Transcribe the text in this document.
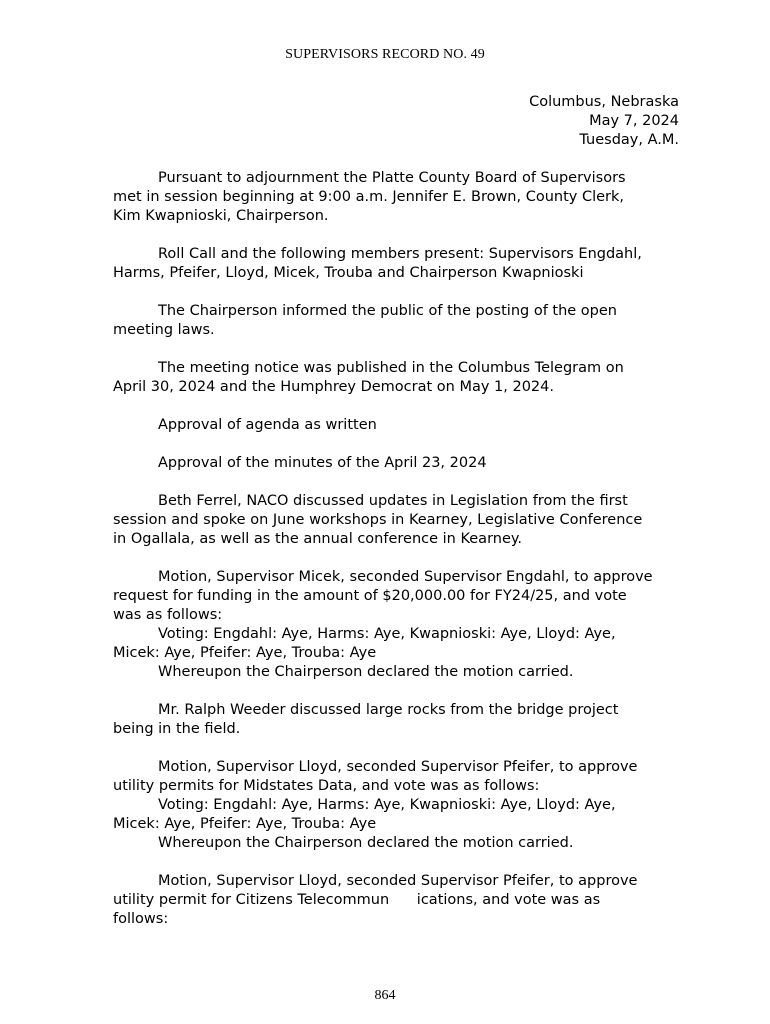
SUPERVISORS RECORD NO. 49
Columbus, Nebraska
May 7, 2024
Tuesday, A.M.
Pursuant to adjournment the Platte County Board of Supervisors
met in session beginning at 9:00 a.m. Jennifer E. Brown, County Clerk,
Kim Kwapnioski, Chairperson.
Roll Call and the following members present: Supervisors Engdahl,
Harms, Pfeifer, Lloyd, Micek, Trouba and Chairperson Kwapnioski
The Chairperson informed the public of the posting of the open
meeting laws.
The meeting notice was published in the Columbus Telegram on
April 30, 2024 and the Humphrey Democrat on May 1, 2024.
Approval of agenda as written
Approval of the minutes of the April 23, 2024
Beth Ferrel, NACO discussed updates in Legislation from the first
session and spoke on June workshops in Kearney, Legislative Conference
in Ogallala, as well as the annual conference in Kearney.
Motion, Supervisor Micek, seconded Supervisor Engdahl, to approve
request for funding in the amount of $20,000.00 for FY24/25, and vote
was as follows:
Voting: Engdahl: Aye, Harms: Aye, Kwapnioski: Aye, Lloyd: Aye,
Micek: Aye, Pfeifer: Aye, Trouba: Aye
Whereupon the Chairperson declared the motion carried.
Mr. Ralph Weeder discussed large rocks from the bridge project
being in the field.
Motion, Supervisor Lloyd, seconded Supervisor Pfeifer, to approve
utility permits for Midstates Data, and vote was as follows:
Voting: Engdahl: Aye, Harms: Aye, Kwapnioski: Aye, Lloyd: Aye,
Micek: Aye, Pfeifer: Aye, Trouba: Aye
Whereupon the Chairperson declared the motion carried.
Motion, Supervisor Lloyd, seconded Supervisor Pfeifer, to approve
utility permit for Citizens Telecommun      ications, and vote was as
follows:
864
